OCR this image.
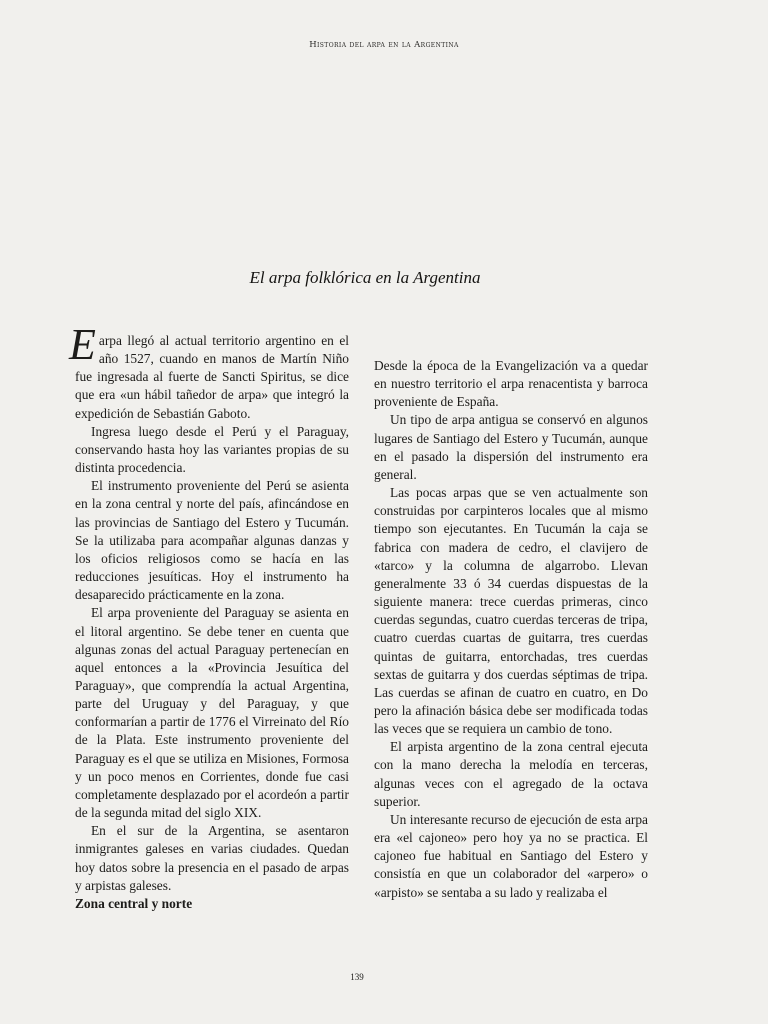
Historia del arpa en la Argentina
El arpa folklórica en la Argentina

Earpa llegó al actual territorio argentino en el año 1527, cuando en manos de Martín Niño fue ingresada al fuerte de Sancti Spiritus, se dice que era «un hábil tañedor de arpa» que integró la expedición de Sebastián Gaboto.

Ingresa luego desde el Perú y el Paraguay, conservando hasta hoy las variantes propias de su distinta procedencia.

El instrumento proveniente del Perú se asienta en la zona central y norte del país, afincándose en las provincias de Santiago del Estero y Tucumán. Se la utilizaba para acompañar algunas danzas y los oficios religiosos como se hacía en las reducciones jesuíticas. Hoy el instrumento ha desaparecido prácticamente en la zona.

El arpa proveniente del Paraguay se asienta en el litoral argentino. Se debe tener en cuenta que algunas zonas del actual Paraguay pertenecían en aquel entonces a la «Provincia Jesuítica del Paraguay», que comprendía la actual Argentina, parte del Uruguay y del Paraguay, y que conformarían a partir de 1776 el Virreinato del Río de la Plata. Este instrumento proveniente del Paraguay es el que se utiliza en Misiones, Formosa y un poco menos en Corrientes, donde fue casi completamente desplazado por el acordeón a partir de la segunda mitad del siglo XIX.

En el sur de la Argentina, se asentaron inmigrantes galeses en varias ciudades. Quedan hoy datos sobre la presencia en el pasado de arpas y arpistas galeses.

Zona central y norte

Desde la época de la Evangelización va a quedar en nuestro territorio el arpa renacentista y barroca proveniente de España.

Un tipo de arpa antigua se conservó en algunos lugares de Santiago del Estero y Tucumán, aunque en el pasado la dispersión del instrumento era general.

Las pocas arpas que se ven actualmente son construidas por carpinteros locales que al mismo tiempo son ejecutantes. En Tucumán la caja se fabrica con madera de cedro, el clavijero de «tarco» y la columna de algarrobo. Llevan generalmente 33 ó 34 cuerdas dispuestas de la siguiente manera: trece cuerdas primeras, cinco cuerdas segundas, cuatro cuerdas terceras de tripa, cuatro cuerdas cuartas de guitarra, tres cuerdas quintas de guitarra, entorchadas, tres cuerdas sextas de guitarra y dos cuerdas séptimas de tripa. Las cuerdas se afinan de cuatro en cuatro, en Do pero la afinación básica debe ser modificada todas las veces que se requiera un cambio de tono.

El arpista argentino de la zona central ejecuta con la mano derecha la melodía en terceras, algunas veces con el agregado de la octava superior.

Un interesante recurso de ejecución de esta arpa era «el cajoneo» pero hoy ya no se practica. El cajoneo fue habitual en Santiago del Estero y consistía en que un colaborador del «arpero» o «arpisto» se sentaba a su lado y realizaba el

139
